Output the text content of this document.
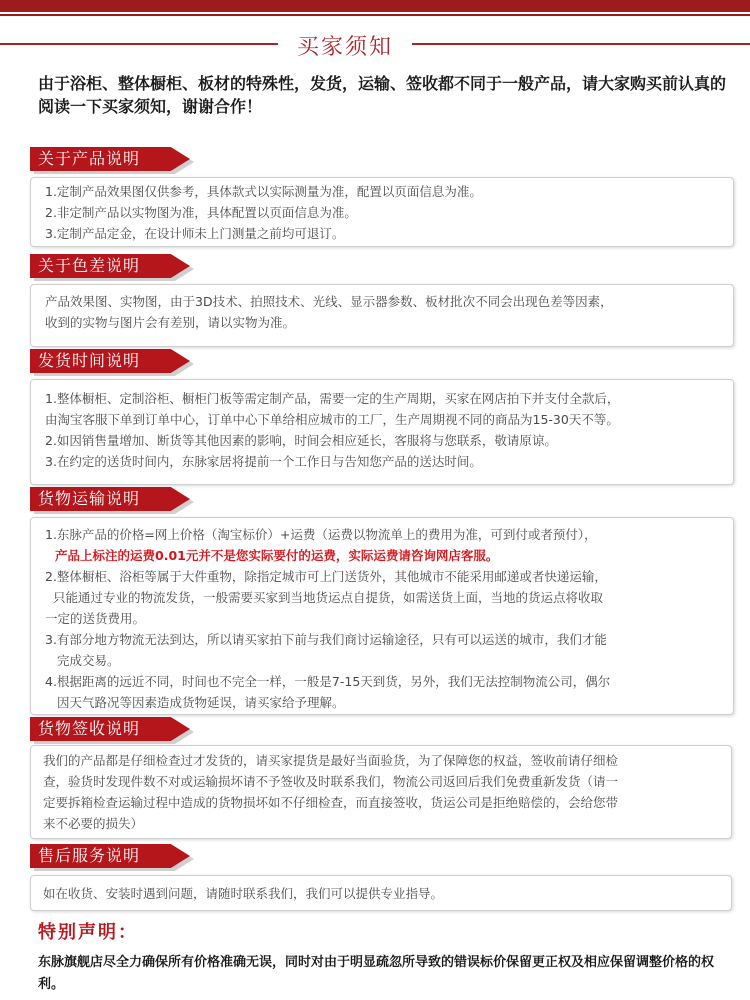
买家须知
由于浴柜、整体橱柜、板材的特殊性，发货，运输、签收都不同于一般产品，请大家购买前认真的阅读一下买家须知，谢谢合作！
关于产品说明

1.定制产品效果图仅供参考，具体款式以实际测量为准，配置以页面信息为准。

2.非定制产品以实物图为准，具体配置以页面信息为准。

3.定制产品定金，在设计师未上门测量之前均可退订。

关于色差说明

产品效果图、实物图，由于3D技术、拍照技术、光线、显示器参数、板材批次不同会出现色差等因素，

收到的实物与图片会有差别，请以实物为准。

发货时间说明

1.整体橱柜、定制浴柜、橱柜门板等需定制产品，需要一定的生产周期，买家在网店拍下并支付全款后，

由淘宝客服下单到订单中心，订单中心下单给相应城市的工厂，生产周期视不同的商品为15-30天不等。

2.如因销售量增加、断货等其他因素的影响，时间会相应延长，客服将与您联系，敬请原谅。

3.在约定的送货时间内，东脉家居将提前一个工作日与告知您产品的送达时间。

货物运输说明

1.东脉产品的价格=网上价格（淘宝标价）+运费（运费以物流单上的费用为准，可到付或者预付），

产品上标注的运费0.01元并不是您实际要付的运费，实际运费请咨询网店客服。

2.整体橱柜、浴柜等属于大件重物，除指定城市可上门送货外，其他城市不能采用邮递或者快递运输，

只能通过专业的物流发货，一般需要买家到当地货运点自提货，如需送货上面，当地的货运点将收取

一定的送货费用。

3.有部分地方物流无法到达，所以请买家拍下前与我们商讨运输途径，只有可以运送的城市，我们才能

完成交易。

4.根据距离的远近不同，时间也不完全一样，一般是7-15天到货，另外，我们无法控制物流公司，偶尔

因天气路况等因素造成货物延误，请买家给予理解。

货物签收说明

我们的产品都是仔细检查过才发货的，请买家提货是最好当面验货，为了保障您的权益，签收前请仔细检

查，验货时发现件数不对或运输损坏请不予签收及时联系我们，物流公司返回后我们免费重新发货（请一

定要拆箱检查运输过程中造成的货物损坏如不仔细检查，而直接签收，货运公司是拒绝赔偿的，会给您带

来不必要的损失）

售后服务说明

如在收货、安装时遇到问题，请随时联系我们，我们可以提供专业指导。

特别声明：
东脉旗舰店尽全力确保所有价格准确无误，同时对由于明显疏忽所导致的错误标价保留更正权及相应保留调整价格的权利。
